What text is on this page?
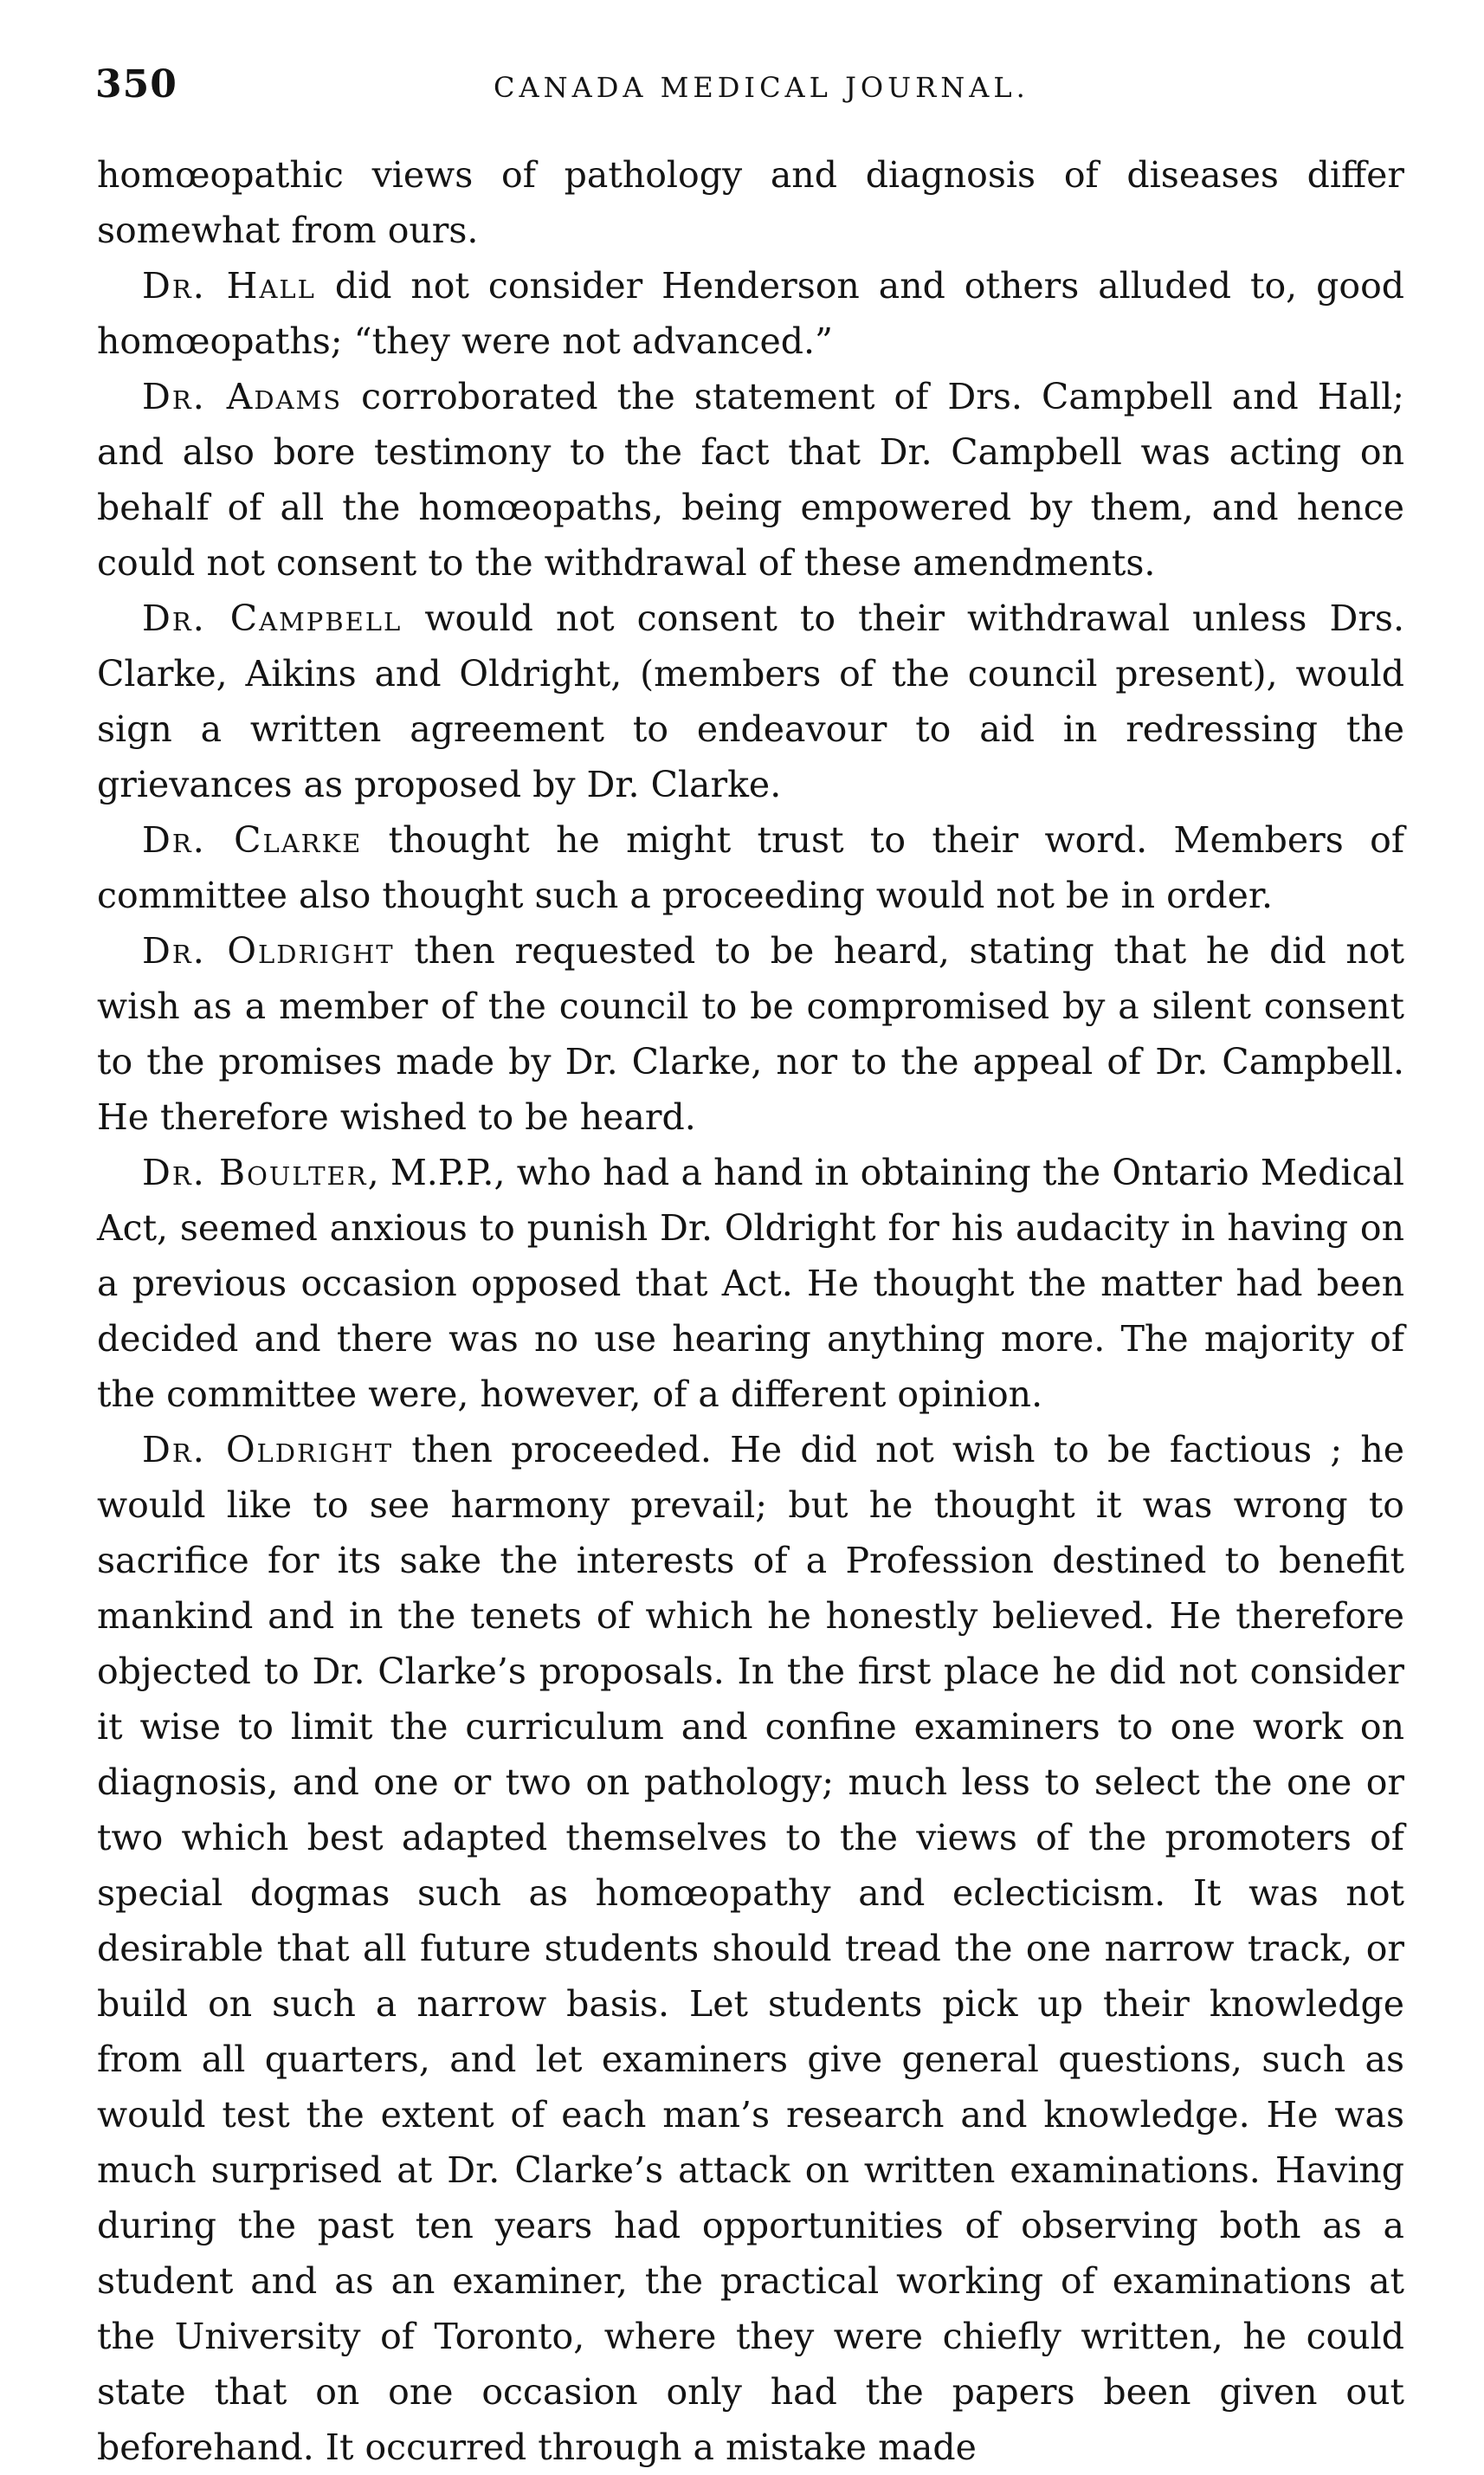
350	CANADA MEDICAL JOURNAL.

homœopathic views of pathology and diagnosis of diseases differ somewhat from ours.

Dr. Hall did not consider Henderson and others alluded to, good homœopaths; “they were not advanced.”

Dr. Adams corroborated the statement of Drs. Campbell and Hall; and also bore testimony to the fact that Dr. Campbell was acting on behalf of all the homœopaths, being empowered by them, and hence could not consent to the withdrawal of these amendments.

Dr. Campbell would not consent to their withdrawal unless Drs. Clarke, Aikins and Oldright, (members of the council present), would sign a written agreement to endeavour to aid in redressing the grievances as proposed by Dr. Clarke.

Dr. Clarke thought he might trust to their word. Members of committee also thought such a proceeding would not be in order.

Dr. Oldright then requested to be heard, stating that he did not wish as a member of the council to be compromised by a silent consent to the promises made by Dr. Clarke, nor to the appeal of Dr. Campbell. He therefore wished to be heard.

Dr. Boulter, M.P.P., who had a hand in obtaining the Ontario Medical Act, seemed anxious to punish Dr. Oldright for his audacity in having on a previous occasion opposed that Act. He thought the matter had been decided and there was no use hearing anything more. The majority of the committee were, however, of a different opinion.

Dr. Oldright then proceeded. He did not wish to be factious ; he would like to see harmony prevail; but he thought it was wrong to sacrifice for its sake the interests of a Profession destined to benefit mankind and in the tenets of which he honestly believed. He therefore objected to Dr. Clarke’s proposals. In the first place he did not consider it wise to limit the curriculum and confine examiners to one work on diagnosis, and one or two on pathology; much less to select the one or two which best adapted themselves to the views of the promoters of special dogmas such as homœopathy and eclecticism. It was not desirable that all future students should tread the one narrow track, or build on such a narrow basis. Let students pick up their knowledge from all quarters, and let examiners give general questions, such as would test the extent of each man’s research and knowledge. He was much surprised at Dr. Clarke’s attack on written examinations. Having during the past ten years had opportunities of observing both as a student and as an examiner, the practical working of examinations at the University of Toronto, where they were chiefly written, he could state that on one occasion only had the papers been given out beforehand. It occurred through a mistake made
